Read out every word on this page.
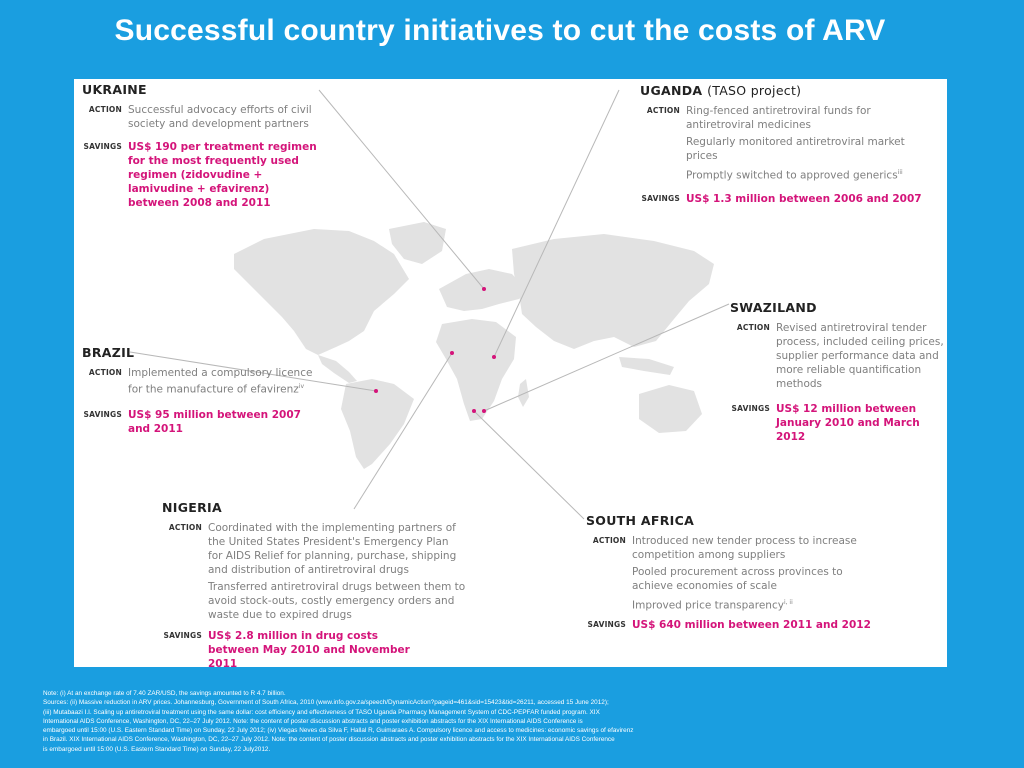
Successful country initiatives to cut the costs of ARV
UKRAINE
ACTION Successful advocacy efforts of civil society and development partners

SAVINGS US$ 190 per treatment regimen for the most frequently used regimen (zidovudine + lamivudine + efavirenz) between 2008 and 2011
UGANDA (TASO project)
ACTION Ring-fenced antiretroviral funds for antiretroviral medicines

Regularly monitored antiretroviral market prices

Promptly switched to approved generics$^{iii}$

SAVINGS US$ 1.3 million between 2006 and 2007
BRAZIL
ACTION Implemented a compulsory licence for the manufacture of efavirenz$^{iv}$

SAVINGS US$ 95 million between 2007 and 2011
SWAZILAND
ACTION Revised antiretroviral tender process, included ceiling prices, supplier performance data and more reliable quantification methods

SAVINGS US$ 12 million between January 2010 and March 2012
NIGERIA
ACTION Coordinated with the implementing partners of the United States President's Emergency Plan for AIDS Relief for planning, purchase, shipping and distribution of antiretroviral drugs

Transferred antiretroviral drugs between them to avoid stock-outs, costly emergency orders and waste due to expired drugs

SAVINGS US$ 2.8 million in drug costs between May 2010 and November 2011
SOUTH AFRICA
ACTION Introduced new tender process to increase competition among suppliers

Pooled procurement across provinces to achieve economies of scale

Improved price transparency$^{i, ii}$

SAVINGS US$ 640 million between 2011 and 2012
Note: (i) At an exchange rate of 7.40 ZAR/USD, the savings amounted to R 4.7 billion.
Sources: (ii) Massive reduction in ARV prices. Johannesburg, Government of South Africa, 2010 (www.info.gov.za/speech/DynamicAction?pageid=461&sid=15423&tid=26211, accessed 15 June 2012);
(iii) Mutabaazi I.I. Scaling up antiretroviral treatment using the same dollar: cost efficiency and effectiveness of TASO Uganda Pharmacy Management System of CDC-PEPFAR funded program. XIX
International AIDS Conference, Washington, DC, 22–27 July 2012. Note: the content of poster discussion abstracts and poster exhibition abstracts for the XIX International AIDS Conference is
embargoed until 15:00 (U.S. Eastern Standard Time) on Sunday, 22 July 2012; (iv) Viegas Neves da Silva F, Hallal R, Guimaraes A. Compulsory licence and access to medicines: economic savings of efavirenz
in Brazil. XIX International AIDS Conference, Washington, DC, 22–27 July 2012. Note: the content of poster discussion abstracts and poster exhibition abstracts for the XIX International AIDS Conference
is embargoed until 15:00 (U.S. Eastern Standard Time) on Sunday, 22 July2012.
